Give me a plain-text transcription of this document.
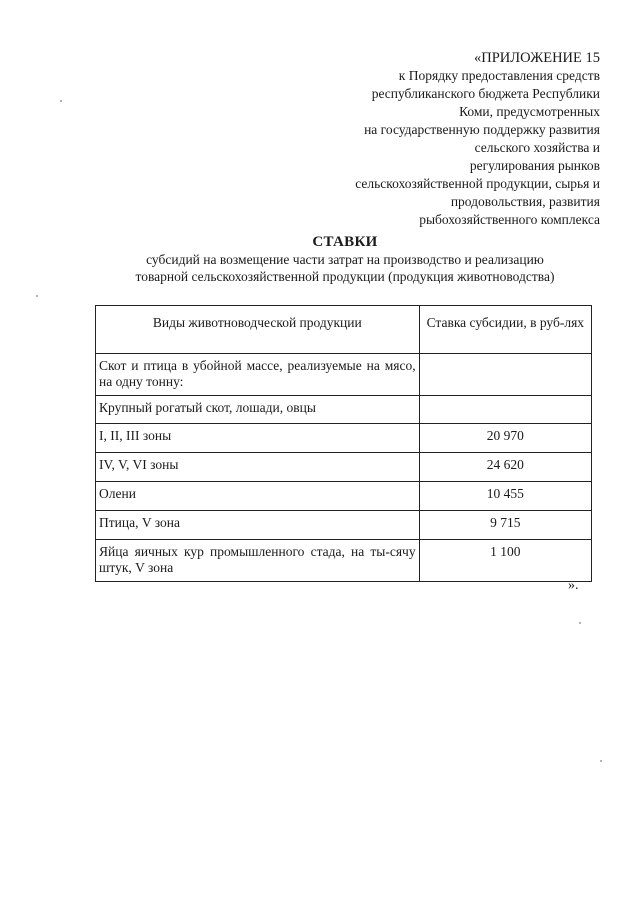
«ПРИЛОЖЕНИЕ 15
к Порядку предоставления средств
республиканского бюджета Республики
Коми, предусмотренных
на государственную поддержку развития
сельского хозяйства и
регулирования рынков
сельскохозяйственной продукции, сырья и
продовольствия, развития
рыбохозяйственного комплекса
СТАВКИ
субсидий на возмещение части затрат на производство и реализацию
товарной сельскохозяйственной продукции (продукция животноводства)
Виды животноводческой продукции	Ставка субсидии, в руб-лях
Скот и птица в убойной массе, реализуемые на мясо, на одну тонну:	
Крупный рогатый скот, лошади, овцы	
I, II, III зоны	20 970
IV, V, VI зоны	24 620
Олени	10 455
Птица, V зона	9 715
Яйца яичных кур промышленного стада, на ты-сячу штук, V зона	1 100
».
